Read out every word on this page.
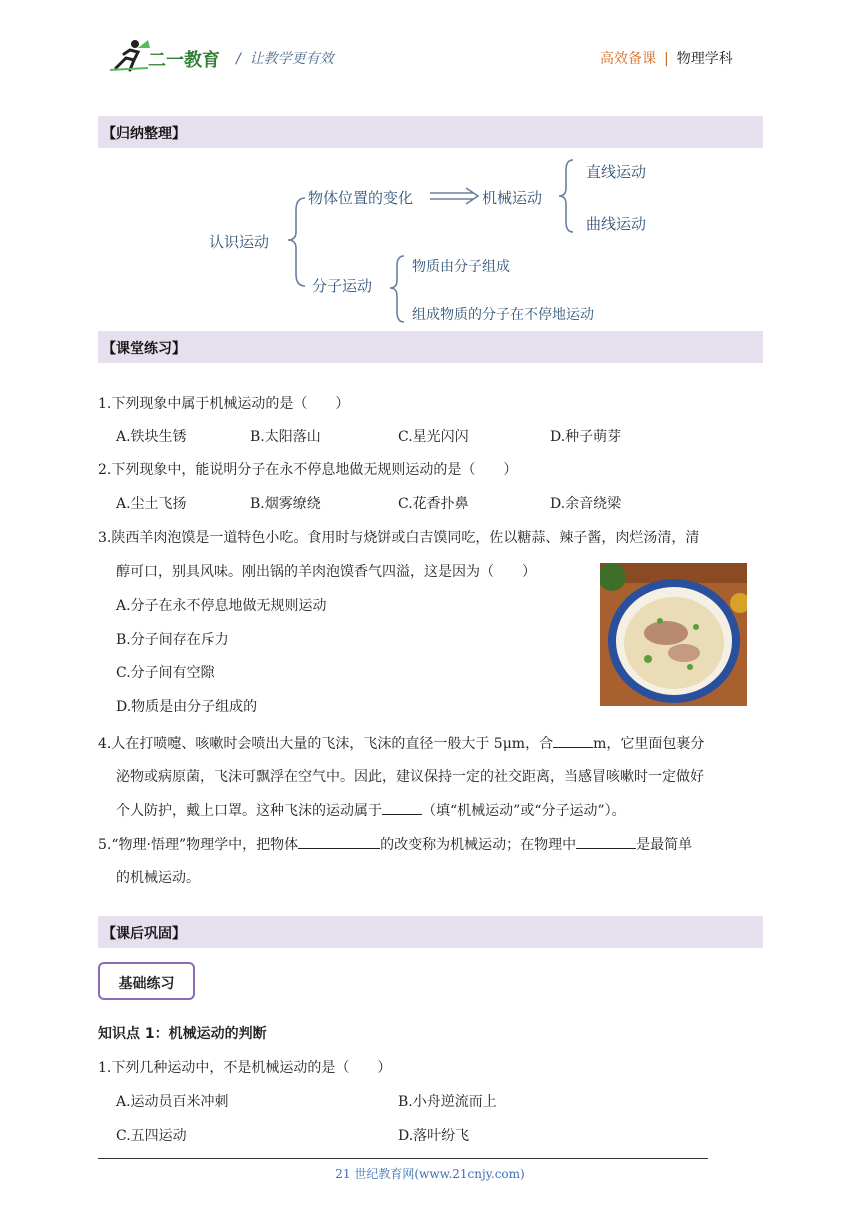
二一教育 /  让教学更有效	高效备课 | 物理学科
【归纳整理】
认识运动
物体位置的变化	机械运动
直线运动
曲线运动
分子运动
物质由分子组成
组成物质的分子在不停地运动
【课堂练习】
1.下列现象中属于机械运动的是（　　）
A.铁块生锈	B.太阳落山	C.星光闪闪	D.种子萌芽
2.下列现象中，能说明分子在永不停息地做无规则运动的是（　　）
A.尘土飞扬	B.烟雾缭绕	C.花香扑鼻	D.余音绕梁
3.陕西羊肉泡馍是一道特色小吃。食用时与烧饼或白吉馍同吃，佐以糖蒜、辣子酱，肉烂汤清，清
醇可口，别具风味。刚出锅的羊肉泡馍香气四溢，这是因为（　　）
A.分子在永不停息地做无规则运动
B.分子间存在斥力
C.分子间有空隙
D.物质是由分子组成的
4.人在打喷嚏、咳嗽时会喷出大量的飞沫，飞沫的直径一般大于 5μm，合	m，它里面包裹分
泌物或病原菌，飞沫可飘浮在空气中。因此，建议保持一定的社交距离，当感冒咳嗽时一定做好
个人防护，戴上口罩。这种飞沫的运动属于	（填“机械运动”或“分子运动”）。
5.“物理·悟理”物理学中，把物体	的改变称为机械运动；在物理中	是最简单
的机械运动。
【课后巩固】
基础练习
知识点 1：机械运动的判断
1.下列几种运动中，不是机械运动的是（　　）
A.运动员百米冲刺	B.小舟逆流而上
C.五四运动	D.落叶纷飞
21 世纪教育网(www.21cnjy.com)
